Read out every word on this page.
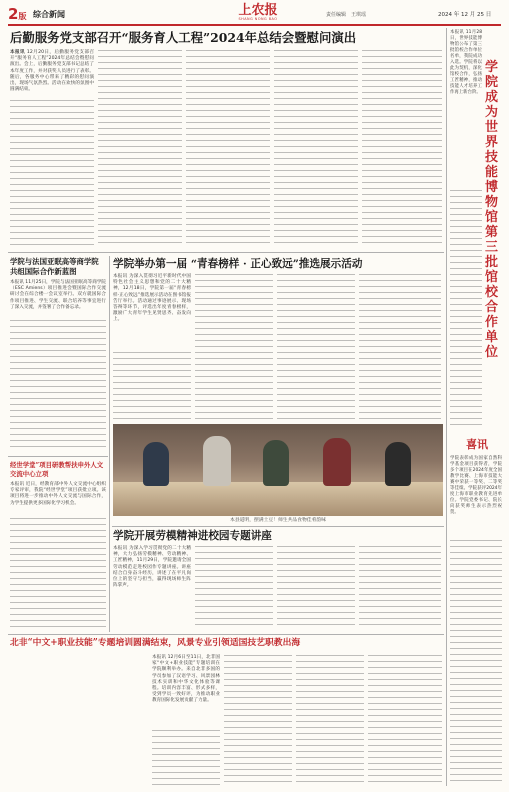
2版 综合新闻	上农报
SHANG NONG BAO
责任编辑 王琪瑶	2024 年 12 月 25 日
后勤服务党支部召开“服务育人工程”2024年总结会暨慰问演出

本报讯 12月20日，后勤服务党支部召开“服务育人工程”2024年总结会暨慰问演出。会上，后勤服务党支部书记总结了本年度工作，并对获奖人员进行了表彰。随后，各服务中心带来了精彩的慰问演出，现场气氛热烈。活动在欢快的氛围中圆满结束。

学院与法国亚眠高等商学院共组国际合作新蓝图

本报讯 11月25日，学院与法国亚眠高等商学院（ESC Amiens）项目推进会暨国际合作交流研讨会在综合楼一会议室举行。双方就国际合作项目推进、学生交流、联合培养等事宜进行了深入交流，并签署了合作备忘录。

经世学堂”项目研教帮扶申外人文交流中心立项

本报讯 近日，经教育部中外人文交流中心组织专家评审，我院“经世学堂”项目获批立项。该项目将进一步推动中外人文交流与国际合作，为学生提供更多国际化学习机会。

学院举办第一届 “青春榜样 · 正心致远”推选展示活动

本报讯 为深入贯彻习近平新时代中国特色社会主义思想和党的二十大精神，12月18日，学院第一届“青春榜样·正心致远”推选展示活动在图书馆报告厅举行。活动通过事迹展示、现场答辩等环节，评选出年度青春榜样，激励广大青年学生见贤思齐、奋发向上。

本县道明，摆满土豆！师生共品食物佳肴韵味

学院开展劳模精神进校园专题讲座

本报讯 为深入学习贯彻党的二十大精神，大力弘扬劳模精神、劳动精神、工匠精神，11月29日，学院邀请全国劳动模范走进校园作专题讲座。讲座结合自身奋斗经历，讲述了在平凡岗位上的坚守与担当，赢得现场师生阵阵掌声。

北非“中文+职业技能”专题培训圆满结束，风景专业引领适国技艺职教出海

本报讯 12月6日至11日，北非国家“中文+职业技能”专题培训在学院顺利举办。来自北非多国的学员参加了汉语学习、风景园林技术实训和中华文化体验等课程。培训内容丰富、形式多样，受到学员一致好评，为推动职业教育国际化发展贡献了力量。

学院成为世界技能博物馆第三批馆校合作单位

本报讯 11月28日，世界技能博物馆公布了第三批馆校合作单位名单，我院成功入选。学院将以此为契机，深化馆校合作，弘扬工匠精神，推动技能人才培养工作再上新台阶。

喜讯

学院表彰成为国家自然科学基金项目获得者，学院多个项目在2024年度全国教学比赛、上海市技能大赛中荣获一等奖、二等奖等佳绩。学院获评2024年度上海市职业教育先进单位。学院党委书记、院长向获奖师生表示热烈祝贺。
